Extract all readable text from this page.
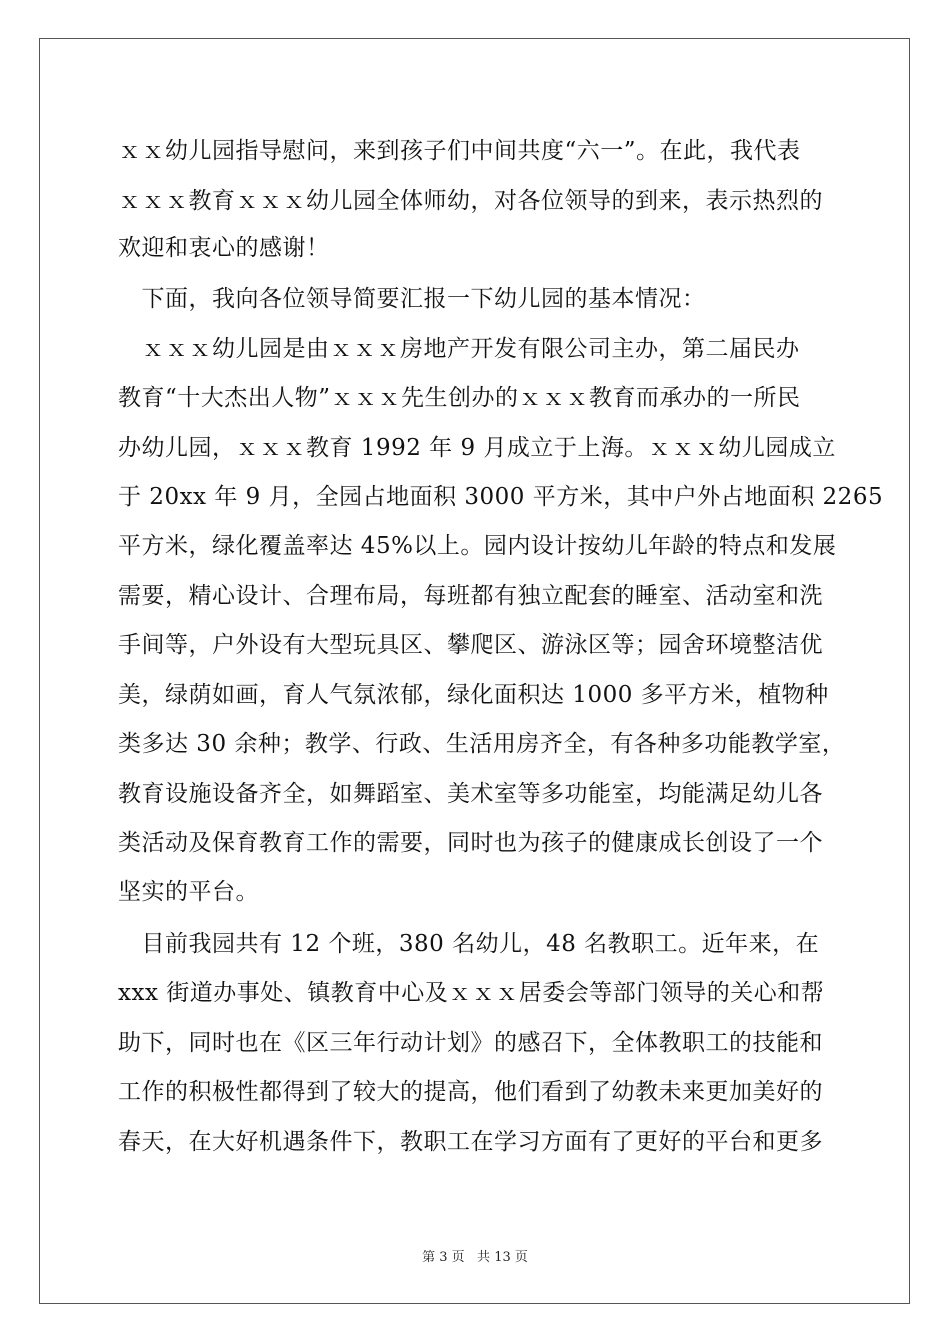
ｘｘ幼儿园指导慰问，来到孩子们中间共度“六一”。在此，我代表
ｘｘｘ教育ｘｘｘ幼儿园全体师幼，对各位领导的到来，表示热烈的
欢迎和衷心的感谢！
　下面，我向各位领导简要汇报一下幼儿园的基本情况：
　ｘｘｘ幼儿园是由ｘｘｘ房地产开发有限公司主办，第二届民办
教育“十大杰出人物”ｘｘｘ先生创办的ｘｘｘ教育而承办的一所民
办幼儿园，ｘｘｘ教育 1992 年 9 月成立于上海。ｘｘｘ幼儿园成立
于 20xx 年 9 月，全园占地面积 3000 平方米，其中户外占地面积 2265
平方米，绿化覆盖率达 45%以上。园内设计按幼儿年龄的特点和发展
需要，精心设计、合理布局，每班都有独立配套的睡室、活动室和洗
手间等，户外设有大型玩具区、攀爬区、游泳区等；园舍环境整洁优
美，绿荫如画，育人气氛浓郁，绿化面积达 1000 多平方米，植物种
类多达 30 余种；教学、行政、生活用房齐全，有各种多功能教学室，
教育设施设备齐全，如舞蹈室、美术室等多功能室，均能满足幼儿各
类活动及保育教育工作的需要，同时也为孩子的健康成长创设了一个
坚实的平台。
　目前我园共有 12 个班，380 名幼儿，48 名教职工。近年来，在
xxx 街道办事处、镇教育中心及ｘｘｘ居委会等部门领导的关心和帮
助下，同时也在《区三年行动计划》的感召下，全体教职工的技能和
工作的积极性都得到了较大的提高，他们看到了幼教未来更加美好的
春天，在大好机遇条件下，教职工在学习方面有了更好的平台和更多
第 3 页   共 13 页
